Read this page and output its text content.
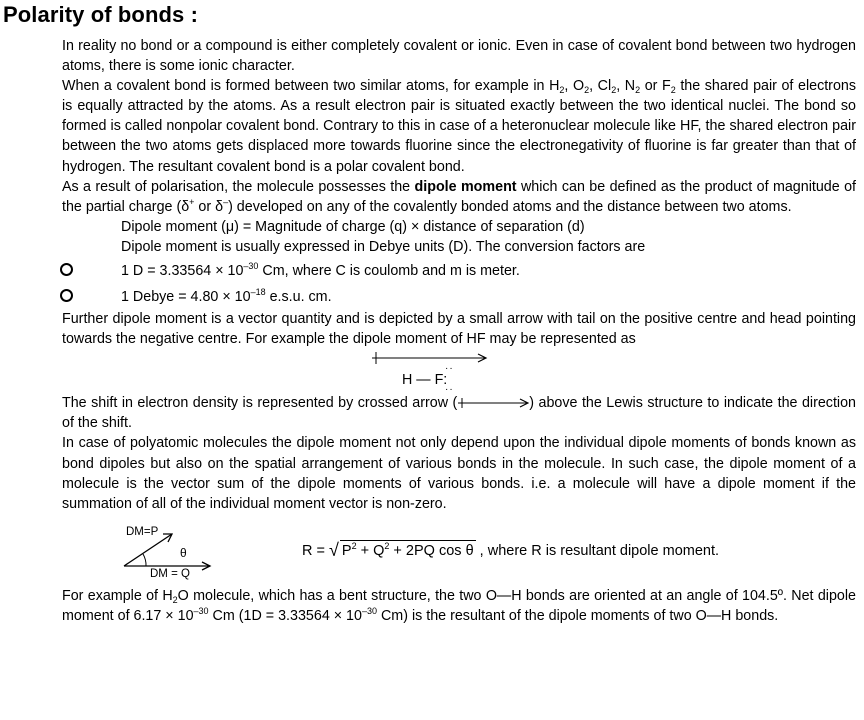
Polarity of bonds :

In reality no bond or a compound is either completely covalent or ionic. Even in case of covalent bond between two hydrogen atoms, there is some ionic character.

When a covalent bond is formed between two similar atoms, for example in $H_2$, $O_2$, $Cl_2$, $N_2$ or $F_2$ the shared pair of electrons is equally attracted by the atoms. As a result electron pair is situated exactly between the two identical nuclei. The bond so formed is called nonpolar covalent bond. Contrary to this in case of a heteronuclear molecule like HF, the shared electron pair between the two atoms gets displaced more towards fluorine since the electronegativity of fluorine is far greater than that of hydrogen. The resultant covalent bond is a polar covalent bond.

As a result of polarisation, the molecule possesses the dipole moment which can be defined as the product of magnitude of the partial charge (δ+ or δ–) developed on any of the covalently bonded atoms and the distance between two atoms.

Dipole moment (μ) = Magnitude of charge (q) × distance of separation (d)

Dipole moment is usually expressed in Debye units (D). The conversion factors are

1 $D = 3.33564 \times 10^{-30}$ Cm, where C is coulomb and m is meter.
1 Debye = $4.80 \times 10^{-18}$ e.s.u. cm.

Further dipole moment is a vector quantity and is depicted by a small arrow with tail on the positive centre and head pointing towards the negative centre. For example the dipole moment of HF may be represented as

··
H — F:
··

The shift in electron density is represented by crossed arrow (	) above the Lewis structure to indicate the direction of the shift.

In case of polyatomic molecules the dipole moment not only depend upon the individual dipole moments of bonds known as bond dipoles but also on the spatial arrangement of various bonds in the molecule. In such case, the dipole moment of a molecule is the vector sum of the dipole moments of various bonds. i.e. a molecule will have a dipole moment if the summation of all of the individual moment vector is non-zero.

DM=P
θ
DM = Q
R = √ $P^2 + Q^2 + 2PQ$ cos θ , where R is resultant dipole moment.

For example of $H_2O$ molecule, which has a bent structure, the two O—H bonds are oriented at an angle of 104.5º. Net dipole moment of $6.17 \times 10^{-30}$ Cm ($1D = 3.33564 \times 10^{-30}$ Cm) is the resultant of the dipole moments of two O—H bonds.
